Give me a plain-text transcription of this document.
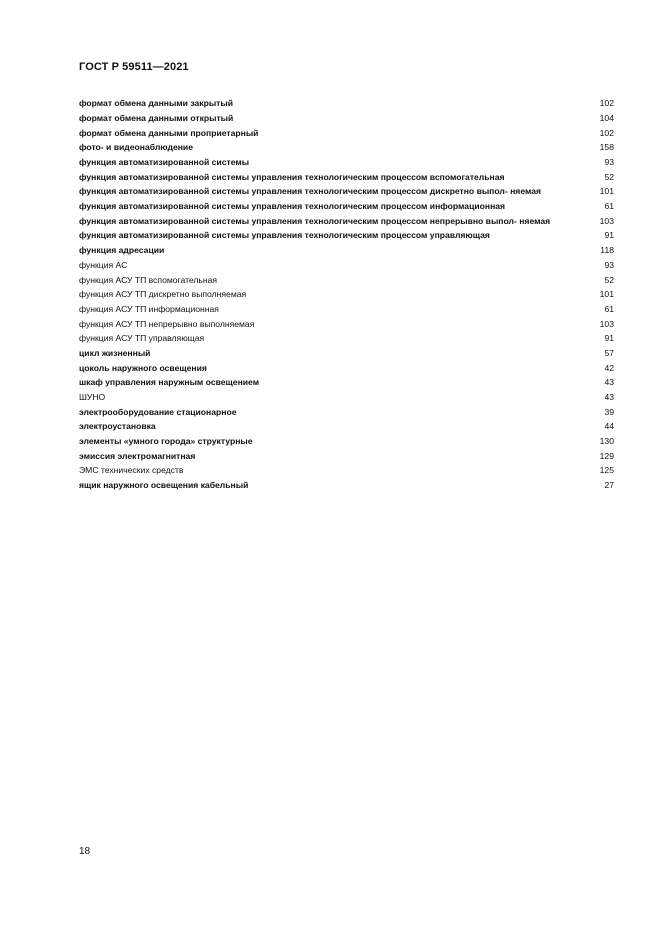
ГОСТ Р 59511—2021
формат обмена данными закрытый	102
формат обмена данными открытый	104
формат обмена данными проприетарный	102
фото- и видеонаблюдение	158
функция автоматизированной системы	93
функция автоматизированной системы управления технологическим процессом вспомогательная	52
функция автоматизированной системы управления технологическим процессом дискретно выпол- няемая	101
функция автоматизированной системы управления технологическим процессом информационная	61
функция автоматизированной системы управления технологическим процессом непрерывно выпол- няемая	103
функция автоматизированной системы управления технологическим процессом управляющая	91
функция адресации	118
функция АС	93
функция АСУ ТП вспомогательная	52
функция АСУ ТП дискретно выполняемая	101
функция АСУ ТП информационная	61
функция АСУ ТП непрерывно выполняемая	103
функция АСУ ТП управляющая	91
цикл жизненный	57
цоколь наружного освещения	42
шкаф управления наружным освещением	43
ШУНО	43
электрооборудование стационарное	39
электроустановка	44
элементы «умного города» структурные	130
эмиссия электромагнитная	129
ЭМС технических средств	125
ящик наружного освещения кабельный	27
18
